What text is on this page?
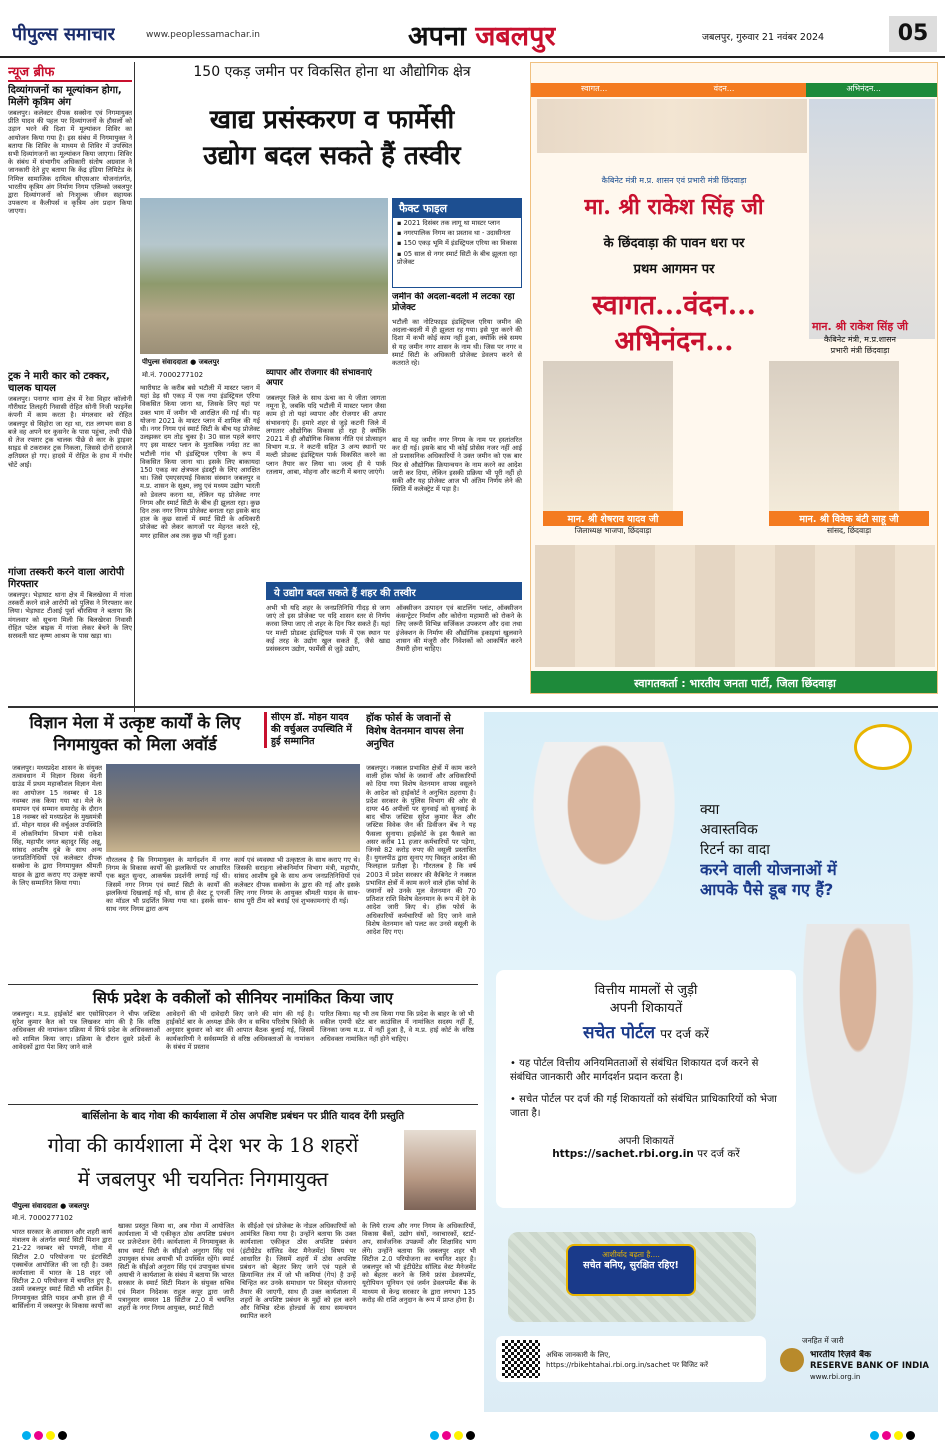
पीपुल्स समाचार	www.peoplessamachar.in	अपना जबलपुर	जबलपुर, गुरुवार 21 नवंबर 2024	05
न्यूज ब्रीफ
दिव्यांगजनों का मूल्यांकन होगा, मिलेंगे कृत्रिम अंग
जबलपुर। कलेक्टर दीपक सक्सेना एवं निगमायुक्त प्रीति यादव की पहल पर दिव्यांगजनों के हौसलों को उड़ान भरने की दिशा में मूल्यांकन शिविर का आयोजन किया गया है। इस संबंध में निगमायुक्त ने बताया कि शिविर के माध्यम से शिविर में उपस्थित सभी दिव्यांगजनों का मूल्यांकन किया जाएगा। शिविर के संबंध में संभागीय अधिकारी संतोष अग्रवाल ने जानकारी देते हुए बताया कि केंद्र इंडिया लिमिटेड के निमित्त सामाजिक दायित्व सीएसआर योजनांतर्गत, भारतीय कृत्रिम अंग निर्माण निगम एलिम्को जबलपुर द्वारा दिव्यांगजनों को निःशुल्क जीवन सहायक उपकरण व कैलीपर्स व कृत्रिम अंग प्रदान किया जाएगा।
ट्रक ने मारी कार को टक्कर, चालक घायल
जबलपुर। पनागर थाना क्षेत्र में रेवा विहार कॉलोनी गौरीघाट तिलहरी निवासी रोहित सोनी निजी फाइनेंस कंपनी में काम करता है। मंगलवार को रोहित जबलपुर से सिहोरा जा रहा था, रात लगभग सवा 8 बजे वह अपने घर कुसनेर के पास पहुंचा, तभी पीछे से तेज रफ्तार ट्रक चालक पीछे से कार के ड्राइवर साइड से टकराकर ट्रक निकला, जिससे दोनों दरवाजे क्षतिग्रस्त हो गए। हादसे में रोहित के हाथ में गंभीर चोटें आईं।
गांजा तस्करी करने वाला आरोपी गिरफ्तार
जबलपुर। भेड़ाघाट थाना क्षेत्र में बिलखेरवा में गांजा तस्करी करने वाले आरोपी को पुलिस ने गिरफ्तार कर लिया। भेड़ाघाट टीआई पूर्वा चौरसिया ने बताया कि मंगलवार को सूचना मिली कि बिलखेरवा निवासी रोहित पटेल बाइक में गांजा लेकर बेचने के लिए सरस्वती घाट कृष्ण आश्रम के पास खड़ा था।
150 एकड़ जमीन पर विकसित होना था औद्योगिक क्षेत्र
खाद्य प्रसंस्करण व फार्मेसी
उद्योग बदल सकते हैं तस्वीर
पीपुल्स संवाददाता ● जबलपुर
मो.नं. 7000277102
फैक्ट फाइल
▪ 2021 दिसंबर तक लागू था मास्टर प्लान
▪ नगरपालिक निगम का प्रस्ताव था - उदासीनता
▪ 150 एकड़ भूमि में इंडस्ट्रियल एरिया का विकास
▪ 05 साल से नगर स्मार्ट सिटी के बीच झूलता रहा प्रोजेक्ट
जमीन की अदला-बदली में लटका रहा प्रोजेक्ट
भटौली का नोटिफाइड इंडस्ट्रियल एरिया जमीन की अदला-बदली में ही झूलता रह गया। इसे पूरा करने की दिशा में कभी कोई काम नहीं हुआ, क्योंकि लंबे समय से यह जमीन नगर शासन के नाम थी। जिस पर नगर व स्मार्ट सिटी के अधिकारी प्रोजेक्ट डेवलप करने से कतराते रहे।
बाद में यह जमीन नगर निगम के नाम पर हस्तांतरित कर दी गई। इसके बाद भी कोई प्रोसेस नजर नहीं आई तो प्रशासनिक अधिकारियों ने उक्त जमीन को एक बार फिर से औद्योगिक क्रियान्वयन के नाम करने का आदेश जारी कर दिया, लेकिन इसकी प्रक्रिया भी पूरी नहीं हो सकी और यह प्रोजेक्ट आज भी अंतिम निर्णय लेने की स्थिति में कलेक्ट्रेट में पड़ा है।
ग्वारीघाट के करीब बसे भटौली में मास्टर प्लान में यहां डेढ़ सौ एकड़ में एक नया इंडस्ट्रियल एरिया विकसित किया जाना था, जिसके लिए यहां पर उक्त भाग में जमीन भी आरक्षित की गई थी। यह योजना 2021 के मास्टर प्लान में शामिल की गई थी। नगर निगम एवं स्मार्ट सिटी के बीच यह प्रोजेक्ट उलझकर दम तोड़ चुका है। 30 साल पहले बनाए गए इस मास्टर प्लान के मुताबिक नर्मदा तट का भटौली गांव भी इंडस्ट्रियल एरिया के रूप में विकसित किया जाना था। इसके लिए बाकायदा 150 एकड़ का क्षेत्रफल इंडस्ट्री के लिए आरक्षित था। जिसे एमएसएमई विकास संस्थान जबलपुर व म.प्र. शासन के सूक्ष्म, लघु एवं मध्यम उद्योग भारती को डेवलप करना था, लेकिन यह प्रोजेक्ट नगर निगम और स्मार्ट सिटी के बीच ही झूलता रहा। कुछ दिन तक नगर निगम प्रोजेक्ट बनाता रहा इसके बाद हाल के कुछ सालों में स्मार्ट सिटी के अधिकारी प्रोजेक्ट को लेकर कागजों पर मेहनत करते रहे, मगर हासिल अब तक कुछ भी नहीं हुआ।
व्यापार और रोजगार की संभावनाएं अपार
जबलपुर जिले के साथ ऊंचा का ये जीता जागता नमूना है, जबकि यदि भटौली में मास्टर प्लान जैसा काम हो तो यहां व्यापार और रोजगार की अपार संभावनाएं हैं। हमारे शहर से जुड़े कटनी जिले में लगातार औद्योगिक विकास हो रहा है क्योंकि 2021 में ही औद्योगिक विकास नीति एवं प्रोत्साहन विभाग म.प्र. ने कटनी सहित 3 अन्य स्थानों पर मल्टी प्रोडक्ट इंडस्ट्रियल पार्क विकसित करने का प्लान तैयार कर लिया था। जल्द ही ये पार्क रतलाम, आबा, मोहना और कटनी में बनाए जाएंगे।
ये उद्योग बदल सकते हैं शहर की तस्वीर
अभी भी यदि शहर के जनप्रतिनिधि गीदड़ से जाग जाएं तो इस प्रोजेक्ट पर यदि शासन स्तर से निर्णय करवा लिया जाए तो शहर के दिन फिर सकते हैं। यहां पर मल्टी प्रोडक्ट इंडस्ट्रियल पार्क में एक स्थान पर कई तरह के उद्योग खुल सकते हैं, जैसे खाद्य प्रसंस्करण उद्योग, फार्मेसी से जुड़े उद्योग,
ऑक्सीजन उत्पादन एवं बाटलिंग प्लांट, ऑक्सीजन कंसन्ट्रेटर निर्माण और कोरोना महामारी को रोकने के लिए जरूरी विभिन्न सर्जिकल उपकरण और दवा तथा इंजेक्शन के निर्माण की औद्योगिक इकाइयां खुलवाने शासन की मंजूरी और निवेशकों को आकर्षित करने तैयारी होना चाहिए।
स्वागत...	वंदन...	अभिनंदन...
कैबिनेट मंत्री म.प्र. शासन एवं प्रभारी मंत्री छिंदवाड़ा
मा. श्री राकेश सिंह जी
के छिंदवाड़ा की पावन धरा पर
प्रथम आगमन पर
स्वागत...वंदन...
अभिनंदन...	मान. श्री राकेश सिंह जी
कैबिनेट मंत्री, म.प्र.शासन
प्रभारी मंत्री छिंदवाड़ा
मान. श्री शेषराव यादव जी
जिलाध्यक्ष भाजपा, छिंदवाड़ा
मान. श्री विवेक बंटी साहू जी
सांसद, छिंदवाड़ा
स्वागतकर्ता : भारतीय जनता पार्टी, जिला छिंदवाड़ा
विज्ञान मेला में उत्कृष्ट कार्यों के लिए निगमायुक्त को मिला अवॉर्ड
सीएम डॉ. मोहन यादव की वर्चुअल उपस्थिति में हुई सम्मानित
जबलपुर। मध्यप्रदेश शासन के संयुक्त तत्वावधान में विज्ञान दिवस वेदनी ग्राउंड में प्रथम महाकौशल विज्ञान मेला का आयोजन 15 नवम्बर से 18 नवम्बर तक किया गया था। मेले के समापन एवं सम्मान समारोह के दौरान 18 नवम्बर को मध्यप्रदेश के मुख्यमंत्री डॉ. मोहन यादव की वर्चुअल उपस्थिति में लोकनिर्माण विभाग मंत्री राकेश सिंह, महापौर जगत बहादुर सिंह अन्नू, सांसद आशीष दुबे के साथ अन्य जनप्रतिनिधियों एवं कलेक्टर दीपक सक्सेना के द्वारा निगमायुक्त श्रीमती यादव के द्वारा कराए गए उत्कृष्ट कार्यों के लिए सम्मानित किया गया।
गौरतलब है कि निगमायुक्त के मार्गदर्शन में नगर निगम के विकास कार्यों की झलकियों पर आधारित एक बहुत सुन्दर, आकर्षक प्रदर्शनी लगाई गई थी। जिसमें नगर निगम एवं स्मार्ट सिटी के कार्यों की झलकियां दिखलाई गई थी, साथ ही वेस्ट टू एनर्जी का मॉडल भी प्रदर्शित किया गया था। इसके साथ-साथ नगर निगम द्वारा अन्य
कार्य एवं व्यवस्था भी उत्कृष्टता के साथ कराए गए थे। जिसकी सराहना लोकनिर्माण विभाग मंत्री, महापौर, सांसद आशीष दुबे के साथ अन्य जनप्रतिनिधियों एवं कलेक्टर दीपक सक्सेना के द्वारा की गई और इसके लिए नगर निगम के आयुक्त श्रीमती यादव के साथ-साथ पूरी टीम को बधाई एवं शुभकामनाएं दी गई।
हॉक फोर्स के जवानों से विशेष वेतनमान वापस लेना अनुचित
जबलपुर। नक्सल प्रभावित क्षेत्रों में काम करने वाली हॉक फोर्स के जवानों और अधिकारियों को दिया गया विशेष वेतनमान वापस वसूलने के आदेश को हाईकोर्ट ने अनुचित ठहराया है। प्रदेश सरकार के पुलिस विभाग की ओर से दायर 46 अपीलों पर सुनवाई को सुनवाई के बाद चीफ जस्टिस सुरेश कुमार कैत और जस्टिस विवेक जैन की डिवीजन बेंच ने यह फैसला सुनाया। हाईकोर्ट के इस फैसले का असर करीब 11 हजार कर्मचारियों पर पड़ेगा, जिनसे 82 करोड़ रुपए की वसूली प्रस्तावित है। युगलपीठ द्वारा सुनाए गए विस्तृत आदेश की फिलहाल प्रतीक्षा है। गौरतलब है कि वर्ष 2003 में प्रदेश सरकार की कैबिनेट ने नक्सल प्रभावित क्षेत्रों में काम करने वाले हॉक फोर्स के जवानों को उनके मूल वेतनमान की 70 प्रतिशत राशि विशेष वेतनमान के रूप में देने के आदेश जारी किए थे। हॉक फोर्स के अधिकारियों कर्मचारियों को दिए जाने वाले विशेष वेतनमान को पलट कर उनसे वसूली के आदेश दिए गए।
सिर्फ प्रदेश के वकीलों को सीनियर नामांकित किया जाए
जबलपुर। म.प्र. हाईकोर्ट बार एसोसिएशन ने चीफ जस्टिस सुरेश कुमार कैत को पत्र लिखकर मांग की है कि वरिष्ठ अधिवक्ता की नामांकन प्रक्रिया में सिर्फ प्रदेश के अधिवक्ताओं को शामिल किया जाए। प्रक्रिया के दौरान दूसरे प्रदेशों के आवेदकों द्वारा पेश किए जाने वाले
आवेदनों की भी दावेदारी किए जाने की मांग की गई है। हाईकोर्ट बार के अध्यक्ष डीके जैन व सचिव परितोष त्रिवेदी के अनुसार बुधवार को बार की आपात बैठक बुलाई गई, जिसमें कार्यकारिणी ने सर्वसम्मति से वरिष्ठ अधिवक्ताओं के नामांकन के संबंध में प्रस्ताव
पारित किया। यह भी तय किया गया कि प्रदेश के बाहर के जो भी वकील एमपी स्टेट बार काउंसिल में नामांकित सदस्य नहीं हैं, जिनका जन्म म.प्र. में नहीं हुआ है, वे म.प्र. हाई कोर्ट के वरिष्ठ अधिवक्ता नामांकित नहीं होने चाहिए।
बार्सिलोना के बाद गोवा की कार्यशाला में ठोस अपशिष्ट प्रबंधन पर प्रीति यादव देंगी प्रस्तुति
गोवा की कार्यशाला में देश भर के 18 शहरों
में जबलपुर भी चयनितः निगमायुक्त
पीपुल्स संवाददाता ● जबलपुर
मो.नं. 7000277102
भारत सरकार के आवासन और शहरी कार्य मंत्रालय के अंतर्गत स्मार्ट सिटी मिशन द्वारा 21-22 नवम्बर को पणजी, गोवा में सिटीज 2.0 परियोजना पर इंटरसिटी एक्सचेंज आयोजित की जा रही है। उक्त कार्यशाला में भारत के 18 शहर जो सिटीज 2.0 परियोजना में चयनित हुए है, उसमें जबलपुर स्मार्ट सिटी भी शामिल है। निगमायुक्त प्रीति यादव अभी हाल ही में बार्सिलोना में जबलपुर के विकास कार्यों का
खाका प्रस्तुत किया था, अब गोवा में आयोजित कार्यशाला में भी एकीकृत ठोस अपशिष्ट प्रबंधन पर प्रजेन्टेशन देंगी। कार्यशाला में निगमायुक्त के साथ स्मार्ट सिटी के सीईओ अनुराग सिंह एवं उपायुक्त संभव अयाची भी उपस्थित रहेंगे। स्मार्ट सिटी के सीईओ अनुराग सिंह एवं उपायुक्त संभव अयाची ने कार्यशाला के संबंध में बताया कि भारत सरकार के स्मार्ट सिटी मिशन के संयुक्त सचिव एवं मिशन निदेशक राहुल कपूर द्वारा जारी पत्रानुसार समस्त 18 सिटीज 2.0 में चयनित शहरों के नगर निगम आयुक्त, स्मार्ट सिटी
के सीईओ एवं प्रोजेक्ट के नोडल अधिकारियों को आमंत्रित किया गया है। उन्होंने बताया कि उक्त कार्यशाला एकीकृत ठोस अपशिष्ट प्रबंधन (इंटीग्रेटेड सॉलिड वेस्ट मैनेजमेंट) विषय पर आधारित है। जिसमें शहरों में ठोस अपशिष्ट प्रबंधन को बेहतर किए जाने एवं पहले से क्रियान्वित तंत्र में जो भी कमियां (गेप) है उन्हें चिन्हित कर उनके समाधान पर विस्तृत योजनाएं तैयार की जाएगी, साथ ही उक्त कार्यशाला में शहरों के अपशिष्ट प्रबंधन के मुद्दों को हल करने और विभिन्न स्टेक होल्डर्स के साथ समन्वयन स्थापित करने
के लिये राज्य और नगर निगम के अधिकारियों, विकास बैंकों, उद्योग संघों, नवाचारकों, स्टार्ट-अप, सार्वजनिक उपक्रमों और शिक्षाविद भाग लेंगे। उन्होंने बताया कि जबलपुर शहर भी सिटीज 2.0 परियोजना का चयनित शहर है। जबलपुर को भी इंटीग्रेटेड सॉलिड वेस्ट मैनेजमेंट को बेहतर करने के लिये फ्रांस डेवलपमेंट, यूरोपियन यूनियन एवं जर्मन डेवलपमेंट बैंक के माध्यम से केन्द्र सरकार के द्वारा लगभग 135 करोड़ की राशि अनुदान के रूप में प्राप्त होना है।
क्या
अवास्तविक
रिटर्न का वादा
करने वाली योजनाओं में
आपके पैसे डूब गए हैं?
वित्तीय मामलों से जुड़ी
अपनी शिकायतें
सचेत पोर्टल पर दर्ज करें
• यह पोर्टल वित्तीय अनियमितताओं से संबंधित शिकायत दर्ज करने से संबंधित जानकारी और मार्गदर्शन प्रदान करता है।
• सचेत पोर्टल पर दर्ज की गई शिकायतों को संबंधित प्राधिकारियों को भेजा जाता है।
अपनी शिकायतें
https://sachet.rbi.org.in पर दर्ज करें
आशीर्वाद बढ़ता है....
सचेत बनिए, सुरक्षित रहिए!
अधिक जानकारी के लिए,
https://rbikehtahai.rbi.org.in/sachet पर विजिट करें
जनहित में जारी
भारतीय रिज़र्व बैंक
RESERVE BANK OF INDIA
www.rbi.org.in
